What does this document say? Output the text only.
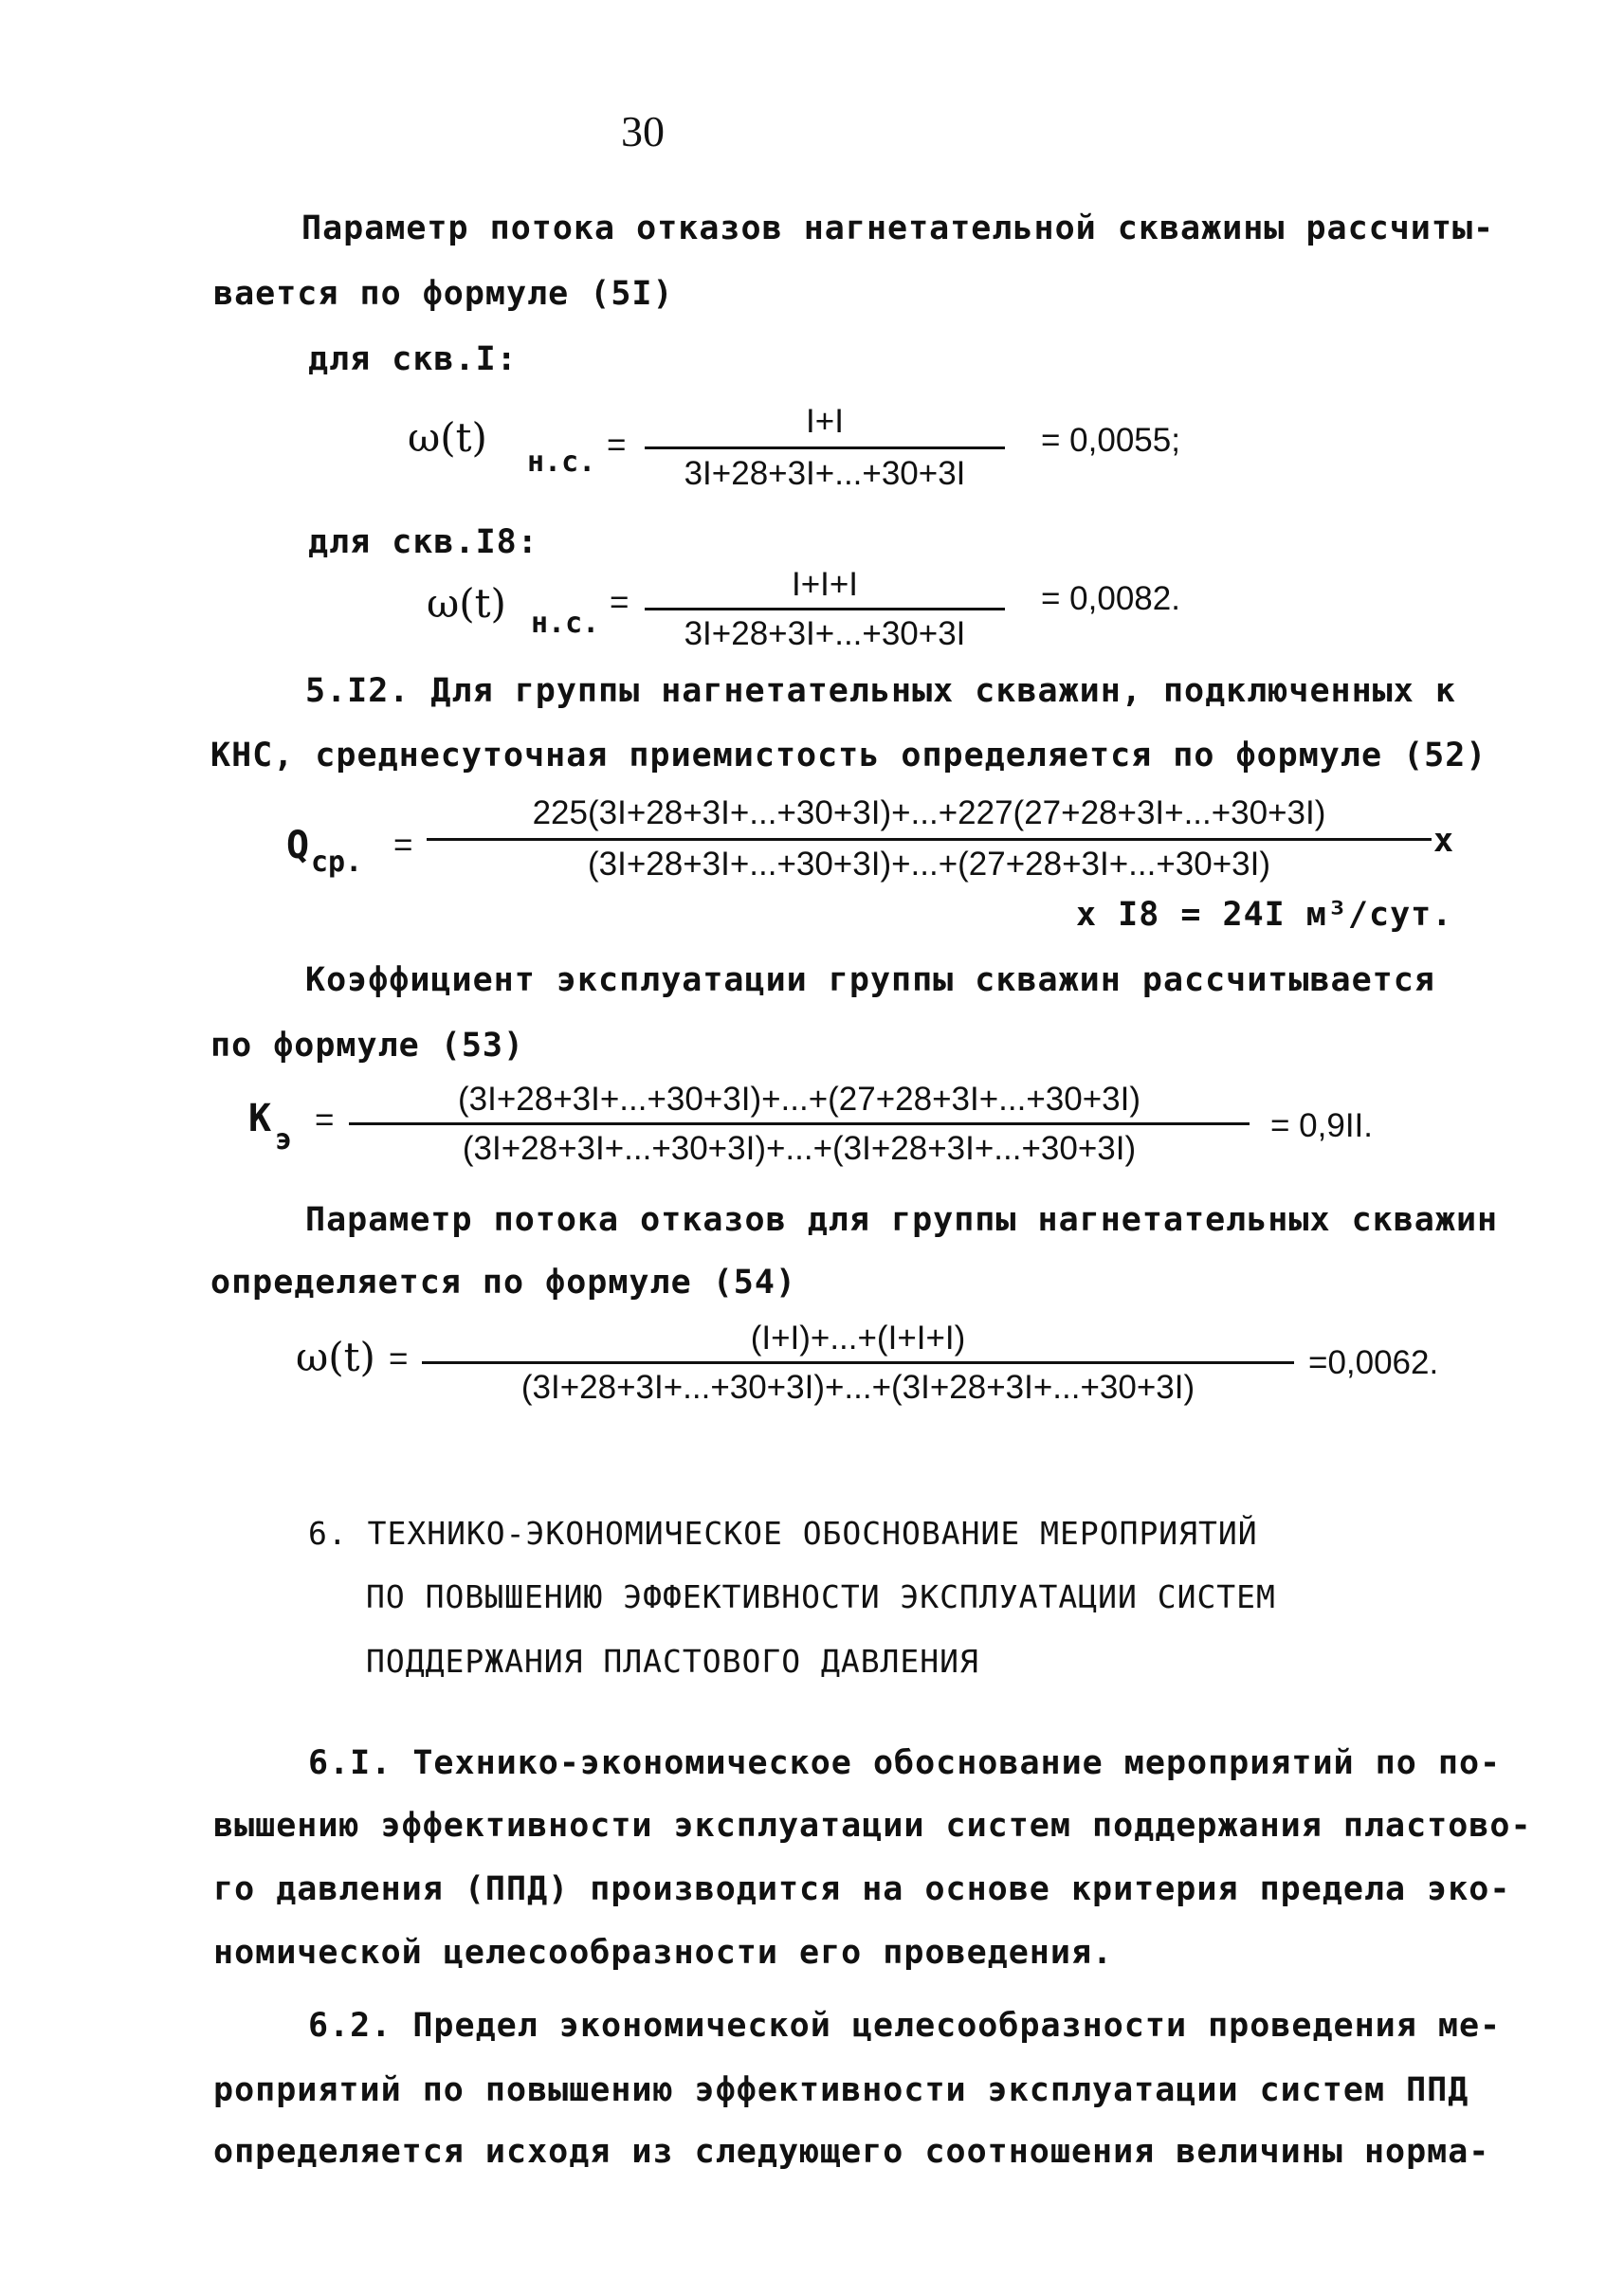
30
Параметр потока отказов нагнетательной скважины рассчиты-
вается по формуле (5I)
для скв.I:
ω(t)
н.с. =
I+I
3I+28+3I+...+30+3I
= 0,0055;
для скв.I8:
ω(t) н.с.
=	I+I+I
3I+28+3I+...+30+3I
= 0,0082.
5.I2. Для группы нагнетательных скважин, подключенных к
КНС, среднесуточная приемистость определяется по формуле (52)
Q ср. =
225(3I+28+3I+...+30+3I)+...+227(27+28+3I+...+30+3I)
(3I+28+3I+...+30+3I)+...+(27+28+3I+...+30+3I)
x
x I8 = 24I м³/сут.
Коэффициент эксплуатации группы скважин рассчитывается
по формуле (53)
K э
=
(3I+28+3I+...+30+3I)+...+(27+28+3I+...+30+3I)
(3I+28+3I+...+30+3I)+...+(3I+28+3I+...+30+3I)
= 0,9II.
Параметр потока отказов для группы нагнетательных скважин
определяется по формуле (54)
ω(t) =
(I+I)+...+(I+I+I)
(3I+28+3I+...+30+3I)+...+(3I+28+3I+...+30+3I)
=0,0062.
6. ТЕХНИКО-ЭКОНОМИЧЕСКОЕ ОБОСНОВАНИЕ МЕРОПРИЯТИЙ
ПО ПОВЫШЕНИЮ ЭФФЕКТИВНОСТИ ЭКСПЛУАТАЦИИ СИСТЕМ
ПОДДЕРЖАНИЯ ПЛАСТОВОГО ДАВЛЕНИЯ
6.I. Технико-экономическое обоснование мероприятий по по-
вышению эффективности эксплуатации систем поддержания пластово-
го давления (ППД) производится на основе критерия предела эко-
номической целесообразности его проведения.
6.2. Предел экономической целесообразности проведения ме-
роприятий по повышению эффективности эксплуатации систем ППД
определяется исходя из следующего соотношения величины норма-
